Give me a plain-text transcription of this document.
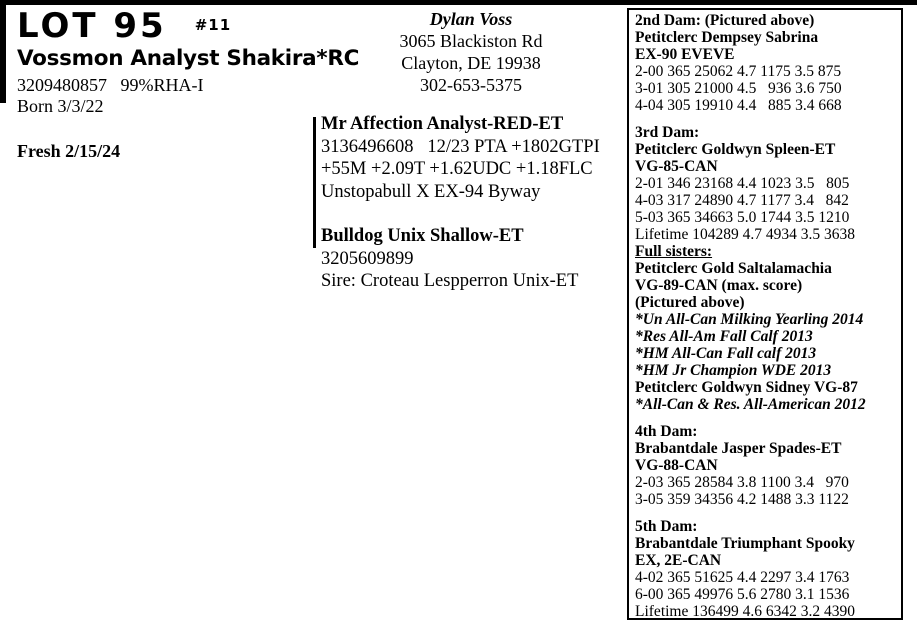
LOT 95 #11
Vossmon Analyst Shakira*RC
3209480857   99%RHA-I
Born 3/3/22
Fresh 2/15/24
Dylan Voss
3065 Blackiston Rd
Clayton, DE 19938
302-653-5375
Mr Affection Analyst-RED-ET
3136496608   12/23 PTA +1802GTPI
+55M +2.09T +1.62UDC +1.18FLC
Unstopabull X EX-94 Byway
Bulldog Unix Shallow-ET
3205609899
Sire: Croteau Lespperron Unix-ET
2nd Dam: (Pictured above)
Petitclerc Dempsey Sabrina
EX-90 EVEVE
2-00 365 25062 4.7 1175 3.5 875
3-01 305 21000 4.5   936 3.6 750
4-04 305 19910 4.4   885 3.4 668
3rd Dam:
Petitclerc Goldwyn Spleen-ET
VG-85-CAN
2-01 346 23168 4.4 1023 3.5   805
4-03 317 24890 4.7 1177 3.4   842
5-03 365 34663 5.0 1744 3.5 1210
Lifetime 104289 4.7 4934 3.5 3638
Full sisters:
Petitclerc Gold Saltalamachia
VG-89-CAN (max. score)
(Pictured above)
*Un All-Can Milking Yearling 2014
*Res All-Am Fall Calf 2013
*HM All-Can Fall calf 2013
*HM Jr Champion WDE 2013
Petitclerc Goldwyn Sidney VG-87
*All-Can & Res. All-American 2012
4th Dam:
Brabantdale Jasper Spades-ET
VG-88-CAN
2-03 365 28584 3.8 1100 3.4   970
3-05 359 34356 4.2 1488 3.3 1122
5th Dam:
Brabantdale Triumphant Spooky
EX, 2E-CAN
4-02 365 51625 4.4 2297 3.4 1763
6-00 365 49976 5.6 2780 3.1 1536
Lifetime 136499 4.6 6342 3.2 4390
